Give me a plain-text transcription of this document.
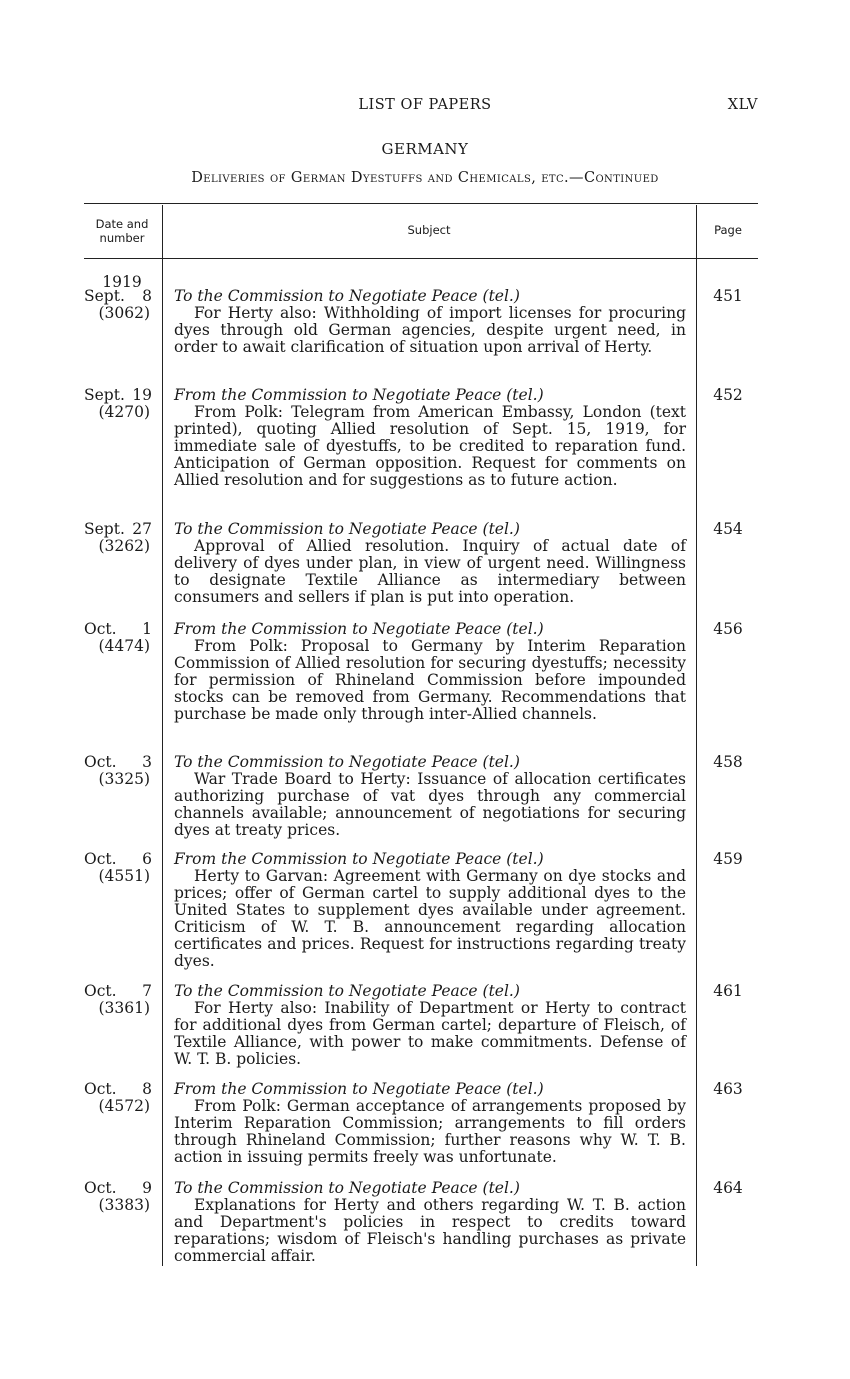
LIST OF PAPERS	XLV
GERMANY
Deliveries of German Dyestuffs and Chemicals, etc.—Continued
Date and number
Subject	Page
1919
Sept. 8
(3062)
To the Commission to Negotiate Peace (tel.)
For Herty also: Withholding of import licenses for procuring dyes through old German agencies, despite urgent need, in order to await clarification of situation upon arrival of Herty.
451
Sept. 19
(4270)
From the Commission to Negotiate Peace (tel.)
From Polk: Telegram from American Embassy, London (text printed), quoting Allied resolution of Sept. 15, 1919, for immediate sale of dyestuffs, to be credited to reparation fund. Anticipation of German opposition. Request for comments on Allied resolution and for suggestions as to future action.
452
Sept. 27
(3262)
To the Commission to Negotiate Peace (tel.)
Approval of Allied resolution. Inquiry of actual date of delivery of dyes under plan, in view of urgent need. Willingness to designate Textile Alliance as intermediary between consumers and sellers if plan is put into operation.
454
Oct. 1
(4474)
From the Commission to Negotiate Peace (tel.)
From Polk: Proposal to Germany by Interim Reparation Commission of Allied resolution for securing dyestuffs; necessity for permission of Rhineland Commission before impounded stocks can be removed from Germany. Recommendations that purchase be made only through inter-Allied channels.
456
Oct. 3
(3325)
To the Commission to Negotiate Peace (tel.)
War Trade Board to Herty: Issuance of allocation certificates authorizing purchase of vat dyes through any commercial channels available; announcement of negotiations for securing dyes at treaty prices.
458
Oct. 6
(4551)
From the Commission to Negotiate Peace (tel.)
Herty to Garvan: Agreement with Germany on dye stocks and prices; offer of German cartel to supply additional dyes to the United States to supplement dyes available under agreement. Criticism of W. T. B. announcement regarding allocation certificates and prices. Request for instructions regarding treaty dyes.
459
Oct. 7
(3361)
To the Commission to Negotiate Peace (tel.)
For Herty also: Inability of Department or Herty to contract for additional dyes from German cartel; departure of Fleisch, of Textile Alliance, with power to make commitments. Defense of W. T. B. policies.
461
Oct. 8
(4572)
From the Commission to Negotiate Peace (tel.)
From Polk: German acceptance of arrangements proposed by Interim Reparation Commission; arrangements to fill orders through Rhineland Commission; further reasons why W. T. B. action in issuing permits freely was unfortunate.
463
Oct. 9
(3383)
To the Commission to Negotiate Peace (tel.)
Explanations for Herty and others regarding W. T. B. action and Department's policies in respect to credits toward reparations; wisdom of Fleisch's handling purchases as private commercial affair.
464
